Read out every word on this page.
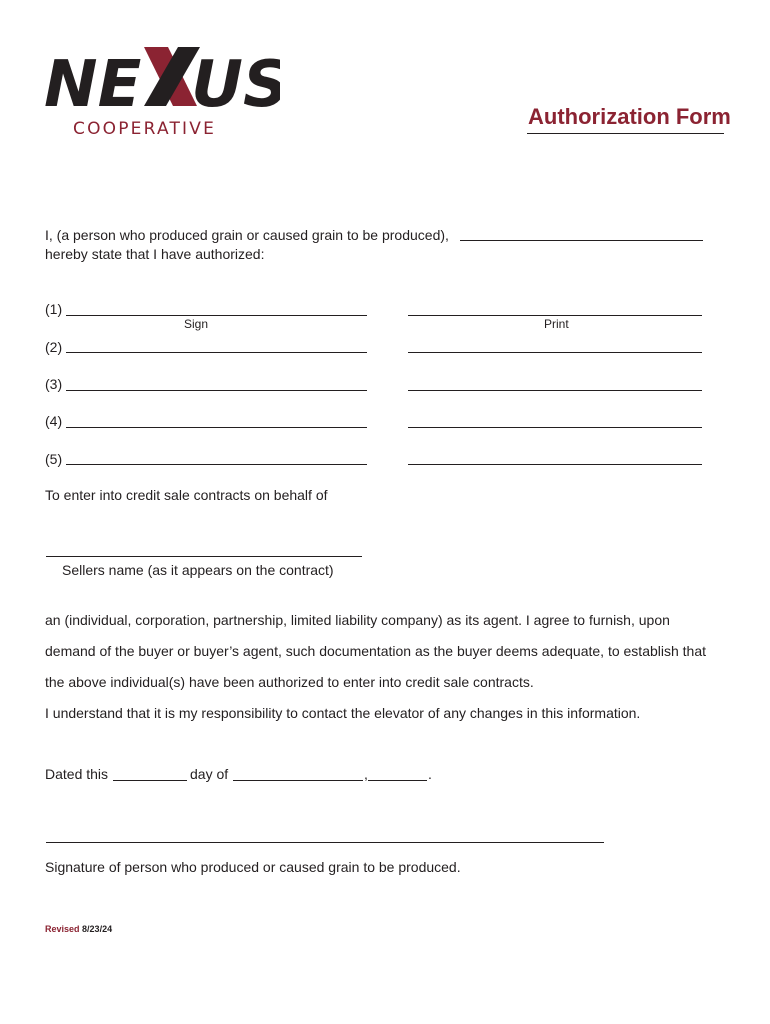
NE US
COOPERATIVE	Authorization Form
I, (a person who produced grain or caused grain to be produced),
hereby state that I have authorized:
(1)
Sign	Print
(2)
(3)
(4)
(5)
To enter into credit sale contracts on behalf of
Sellers name (as it appears on the contract)
an (individual, corporation, partnership, limited liability company) as its agent. I agree to furnish, upon
demand of the buyer or buyer’s agent, such documentation as the buyer deems adequate, to establish that
the above individual(s) have been authorized to enter into credit sale contracts.
I understand that it is my responsibility to contact the elevator of any changes in this information.
Dated this	day of	,	.
Signature of person who produced or caused grain to be produced.
Revised 8/23/24
